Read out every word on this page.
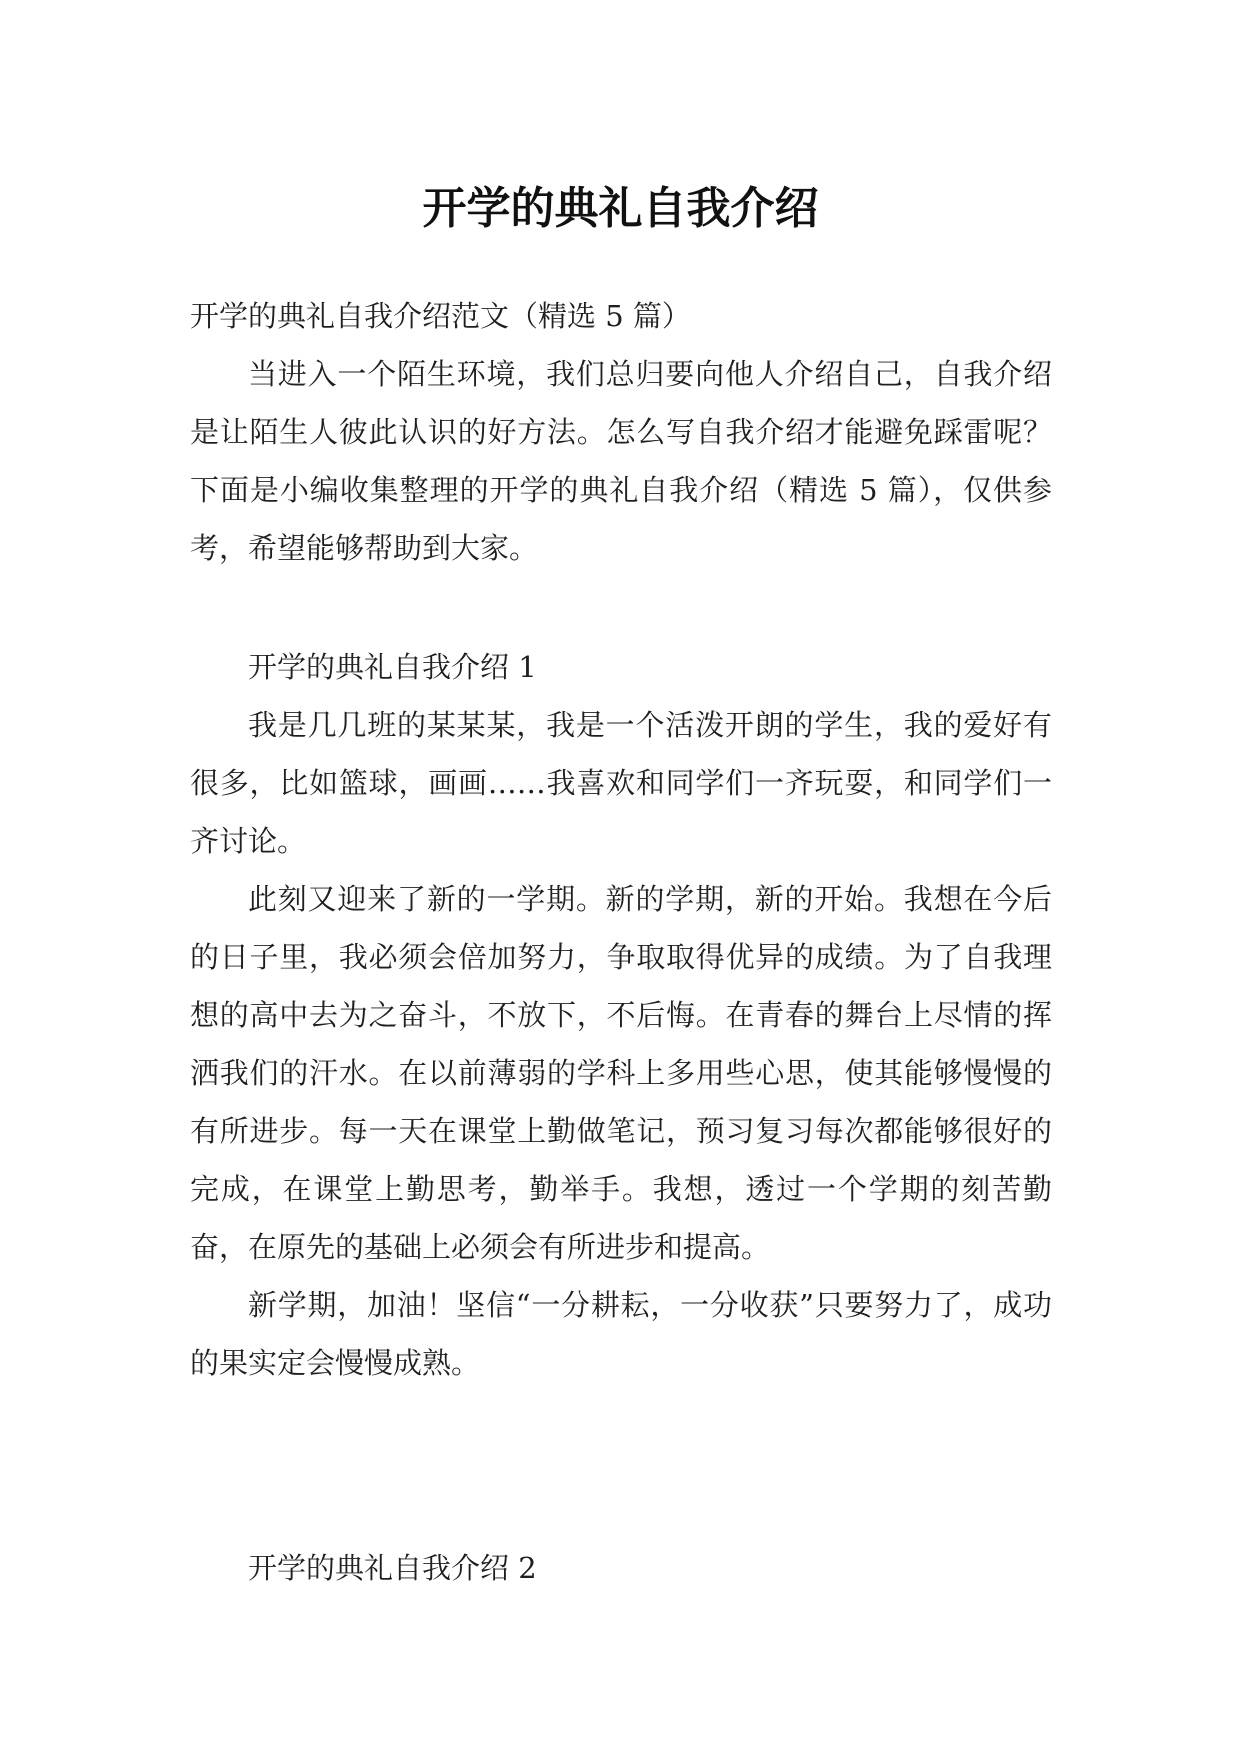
开学的典礼自我介绍

开学的典礼自我介绍范文（精选 5 篇）

当进入一个陌生环境，我们总归要向他人介绍自己，自我介绍是让陌生人彼此认识的好方法。怎么写自我介绍才能避免踩雷呢？下面是小编收集整理的开学的典礼自我介绍（精选 5 篇），仅供参考，希望能够帮助到大家。

开学的典礼自我介绍 1

我是几几班的某某某，我是一个活泼开朗的学生，我的爱好有很多，比如篮球，画画……我喜欢和同学们一齐玩耍，和同学们一齐讨论。

此刻又迎来了新的一学期。新的学期，新的开始。我想在今后的日子里，我必须会倍加努力，争取取得优异的成绩。为了自我理想的高中去为之奋斗，不放下，不后悔。在青春的舞台上尽情的挥洒我们的汗水。在以前薄弱的学科上多用些心思，使其能够慢慢的有所进步。每一天在课堂上勤做笔记，预习复习每次都能够很好的完成，在课堂上勤思考，勤举手。我想，透过一个学期的刻苦勤奋，在原先的基础上必须会有所进步和提高。

新学期，加油！坚信“一分耕耘，一分收获”只要努力了，成功的果实定会慢慢成熟。

开学的典礼自我介绍 2
